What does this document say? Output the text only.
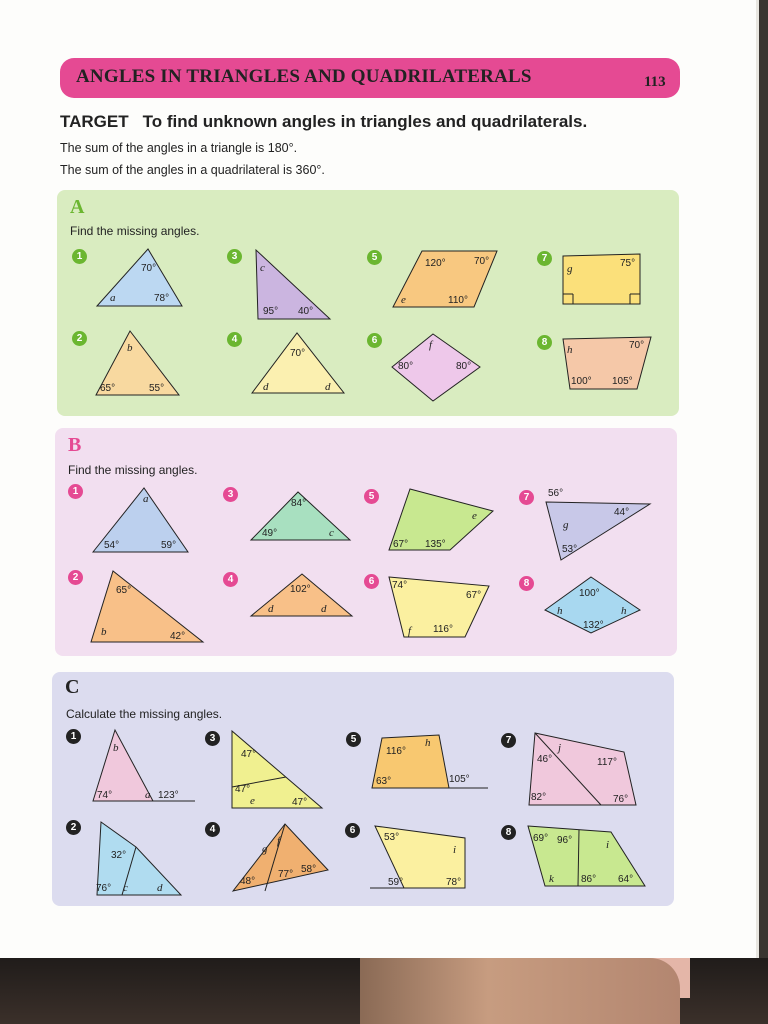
ANGLES IN TRIANGLES AND QUADRILATERALS	113
TARGET To find unknown angles in triangles and quadrilaterals.
The sum of the angles in a triangle is 180°.
The sum of the angles in a quadrilateral is 360°.
A
Find the missing angles.
B
Find the missing angles.
C
Calculate the missing angles.
1
2
3
4
5
6
7
8
1
2
3
4
5
6
7
8
1
2
3
4
5
6
7
8
70°
a	78°
b
65°	55°
c
95° 40°
70°
d	d
120°	70°
e	110°
f
80°	80°
g	75°
h	70°
100° 105°
a
54°	59°
65°
b	42°
84°
49°	c
102°
d	d
e
67° 135°
74°
67°
f 116°
56°
44°
g
53°
100°
h	h
132°
b
74°	a 123°
32°
76° c	d
47°
47°
e	47°
f
g
48°
77° 58°
116°
h
63°	105°
53°
i
59°	78°
j
46°	117°
82°	76°
69° 96°	i
k	86° 64°
